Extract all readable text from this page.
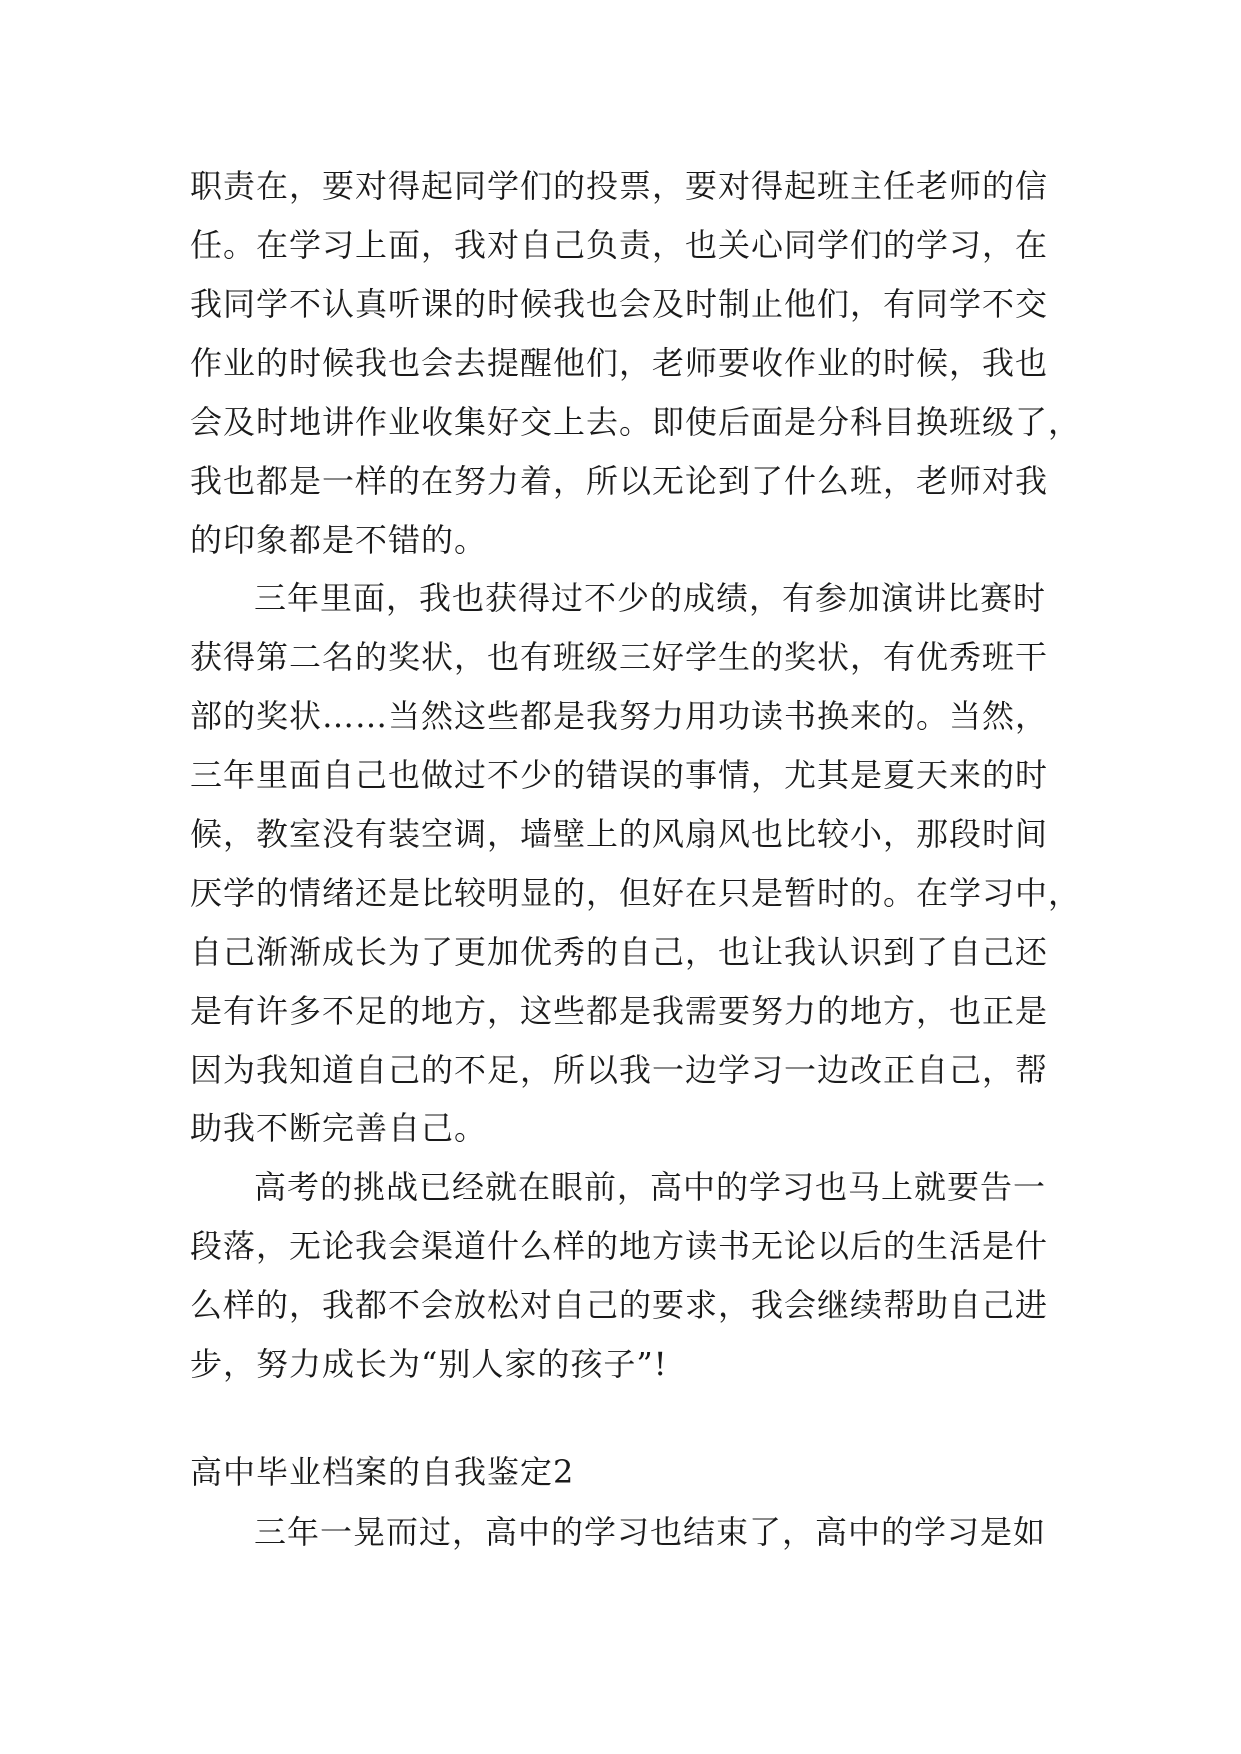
职责在，要对得起同学们的投票，要对得起班主任老师的信
任。在学习上面，我对自己负责，也关心同学们的学习，在
我同学不认真听课的时候我也会及时制止他们，有同学不交
作业的时候我也会去提醒他们，老师要收作业的时候，我也
会及时地讲作业收集好交上去。即使后面是分科目换班级了，
我也都是一样的在努力着，所以无论到了什么班，老师对我
的印象都是不错的。
三年里面，我也获得过不少的成绩，有参加演讲比赛时
获得第二名的奖状，也有班级三好学生的奖状，有优秀班干
部的奖状……当然这些都是我努力用功读书换来的。当然，
三年里面自己也做过不少的错误的事情，尤其是夏天来的时
候，教室没有装空调，墙壁上的风扇风也比较小，那段时间
厌学的情绪还是比较明显的，但好在只是暂时的。在学习中，
自己渐渐成长为了更加优秀的自己，也让我认识到了自己还
是有许多不足的地方，这些都是我需要努力的地方，也正是
因为我知道自己的不足，所以我一边学习一边改正自己，帮
助我不断完善自己。
高考的挑战已经就在眼前，高中的学习也马上就要告一
段落，无论我会渠道什么样的地方读书无论以后的生活是什
么样的，我都不会放松对自己的要求，我会继续帮助自己进
步，努力成长为“别人家的孩子”!
高中毕业档案的自我鉴定2
三年一晃而过，高中的学习也结束了，高中的学习是如
